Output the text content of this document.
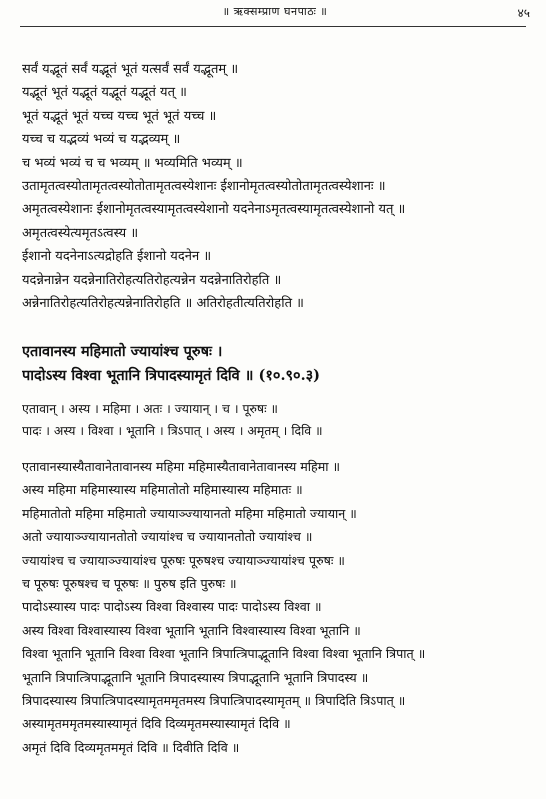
॥ ऋक्सम्प्राण घनपाठः ॥	४५
सर्वं यद्भूतं सर्वं यद्भूतं भूतं यत्सर्वं सर्वं यद्भूतम् ॥
यद्भूतं भूतं यद्भूतं यद्भूतं यद्भूतं यत् ॥
भूतं यद्भूतं भूतं यच्च यच्च भूतं भूतं यच्च ॥
यच्च च यद्भव्यं भव्यं च यद्भव्यम् ॥
च भव्यं भव्यं च च भव्यम् ॥ भव्यमिति भव्यम् ॥
उतामृतत्वस्योतामृतत्वस्योतोतामृतत्वस्येशानः ईशानोमृतत्वस्योतोतामृतत्वस्येशानः ॥
अमृतत्वस्येशानः ईशानोमृतत्वस्यामृतत्वस्येशानो यदनेनाऽमृतत्वस्यामृतत्वस्येशानो यत् ॥
अमृतत्वस्येत्यमृतऽत्वस्य ॥
ईशानो यदनेनाऽत्यद्रोहति ईशानो यदनेन ॥
यदन्नेनान्नेन यदन्नेनातिरोहत्यतिरोहत्यन्नेन यदन्नेनातिरोहति ॥
अन्नेनातिरोहत्यतिरोहत्यन्नेनातिरोहति ॥ अतिरोहतीत्यतिरोहति ॥
एतावानस्य महिमातो ज्यायांश्च पूरुषः ।
पादोऽस्य विश्वा भूतानि त्रिपादस्यामृतं दिवि ॥ (१०.९०.३)
एतावान् । अस्य । महिमा । अतः । ज्यायान् । च । पूरुषः ॥
पादः । अस्य । विश्वा । भूतानि । त्रिऽपात् । अस्य । अमृतम् । दिवि ॥
एतावानस्यास्यैतावानेतावानस्य महिमा महिमास्यैतावानेतावानस्य महिमा ॥
अस्य महिमा महिमास्यास्य महिमातोतो महिमास्यास्य महिमातः ॥
महिमातोतो महिमा महिमातो ज्यायाञ्ज्यायानतो महिमा महिमातो ज्यायान् ॥
अतो ज्यायाञ्ज्यायानतोतो ज्यायांश्च च ज्यायानतोतो ज्यायांश्च ॥
ज्यायांश्च च ज्यायाञ्ज्यायांश्च पूरुषः पूरुषश्च ज्यायाञ्ज्यायांश्च पूरुषः ॥
च पूरुषः पूरुषश्च च पूरुषः ॥ पुरुष इति पुरुषः ॥
पादोऽस्यास्य पादः पादोऽस्य विश्वा विश्वास्य पादः पादोऽस्य विश्वा ॥
अस्य विश्वा विश्वास्यास्य विश्वा भूतानि भूतानि विश्वास्यास्य विश्वा भूतानि ॥
विश्वा भूतानि भूतानि विश्वा विश्वा भूतानि त्रिपात्त्रिपाद्भूतानि विश्वा विश्वा भूतानि त्रिपात् ॥
भूतानि त्रिपात्त्रिपाद्भूतानि भूतानि त्रिपादस्यास्य त्रिपाद्भूतानि भूतानि त्रिपादस्य ॥
त्रिपादस्यास्य त्रिपात्त्रिपादस्यामृतममृतमस्य त्रिपात्त्रिपादस्यामृतम् ॥ त्रिपादिति त्रिऽपात् ॥
अस्यामृतममृतमस्यास्यामृतं दिवि दिव्यमृतमस्यास्यामृतं दिवि ॥
अमृतं दिवि दिव्यमृतममृतं दिवि ॥ दिवीति दिवि ॥
